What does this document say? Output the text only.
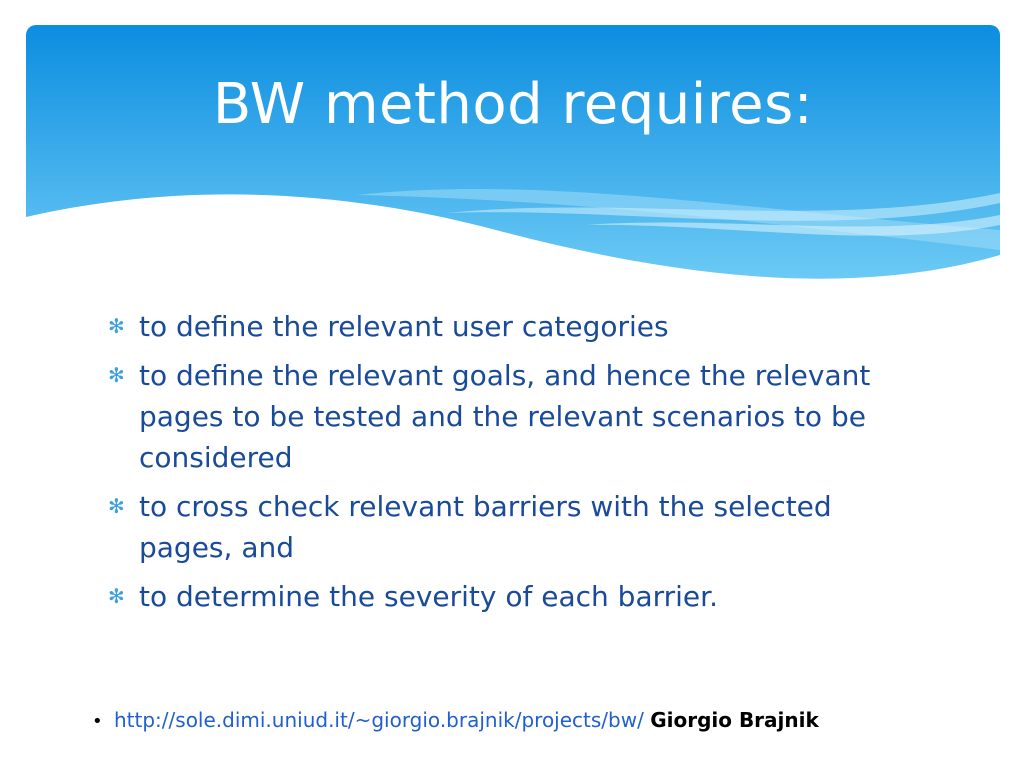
BW method requires:
✻ to define the relevant user categories
✻ to define the relevant goals, and hence the relevant pages to be tested and the relevant scenarios to be considered
✻ to cross check relevant barriers with the selected pages, and
✻ to determine the severity of each barrier.
• http://sole.dimi.uniud.it/~giorgio.brajnik/projects/bw/ Giorgio Brajnik
